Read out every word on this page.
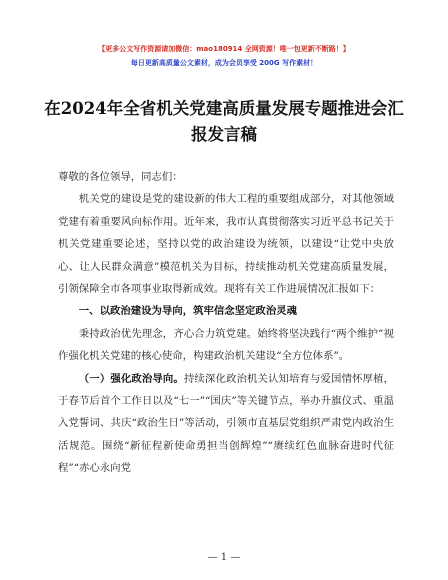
【更多公文写作资源请加微信：mao180914 全网资源！唯一包更新不断路！】
每日更新高质量公文素材，成为会员享受 200G 写作素材！
在2024年全省机关党建高质量发展专题推进会汇报发言稿

尊敬的各位领导，同志们：

机关党的建设是党的建设新的伟大工程的重要组成部分，对其他领域党建有着重要风向标作用。近年来，我市认真贯彻落实习近平总书记关于机关党建重要论述，坚持以党的政治建设为统领，以建设“让党中央放心、让人民群众满意”模范机关为目标，持续推动机关党建高质量发展，引领保障全市各项事业取得新成效。现将有关工作进展情况汇报如下：

一、以政治建设为导向，筑牢信念坚定政治灵魂

秉持政治优先理念，齐心合力筑党建。始终将坚决践行“两个维护”视作强化机关党建的核心使命，构建政治机关建设“全方位体系”。

（一）强化政治导向。持续深化政治机关认知培育与爱国情怀厚植，于春节后首个工作日以及“七一”“国庆”等关键节点，举办升旗仪式、重温入党誓词、共庆“政治生日”等活动，引领市直基层党组织严肃党内政治生活规范。围绕“新征程新使命勇担当创辉煌”“赓续红色血脉奋进时代征程”“赤心永向党

— 1 —
